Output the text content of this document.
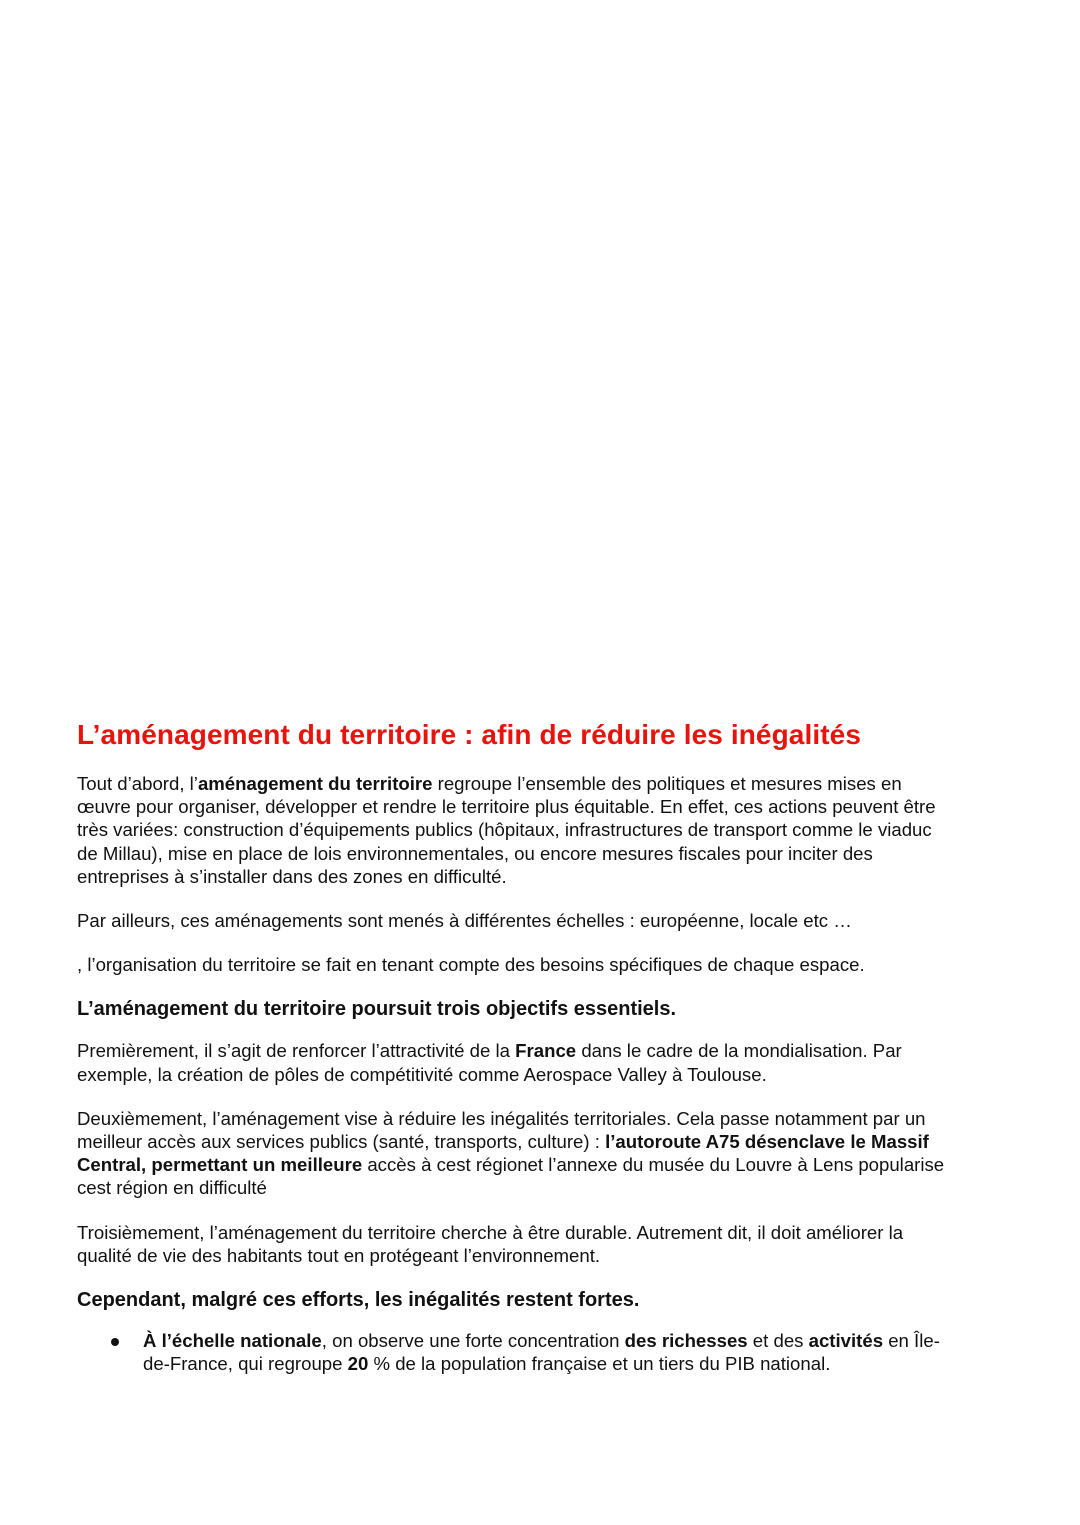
L’aménagement du territoire : afin de réduire les inégalités

Tout d’abord, l’aménagement du territoire regroupe l’ensemble des politiques et mesures mises en œuvre pour organiser, développer et rendre le territoire plus équitable. En effet, ces actions peuvent être très variées: construction d’équipements publics (hôpitaux, infrastructures de transport comme le viaduc de Millau), mise en place de lois environnementales, ou encore mesures fiscales pour inciter des entreprises à s’installer dans des zones en difficulté.

Par ailleurs, ces aménagements sont menés à différentes échelles : européenne, locale etc …

, l’organisation du territoire se fait en tenant compte des besoins spécifiques de chaque espace.

L’aménagement du territoire poursuit trois objectifs essentiels.

Premièrement, il s’agit de renforcer l’attractivité de la France dans le cadre de la mondialisation. Par exemple, la création de pôles de compétitivité comme Aerospace Valley à Toulouse.

Deuxièmement, l’aménagement vise à réduire les inégalités territoriales. Cela passe notamment par un meilleur accès aux services publics (santé, transports, culture) : l’autoroute A75 désenclave le Massif Central, permettant un meilleure accès à cest régionet l’annexe du musée du Louvre à Lens popularise cest région en difficulté

Troisièmement, l’aménagement du territoire cherche à être durable. Autrement dit, il doit améliorer la qualité de vie des habitants tout en protégeant l’environnement.

Cependant, malgré ces efforts, les inégalités restent fortes.
À l’échelle nationale, on observe une forte concentration des richesses et des activités en Île-de-France, qui regroupe 20 % de la population française et un tiers du PIB national.
